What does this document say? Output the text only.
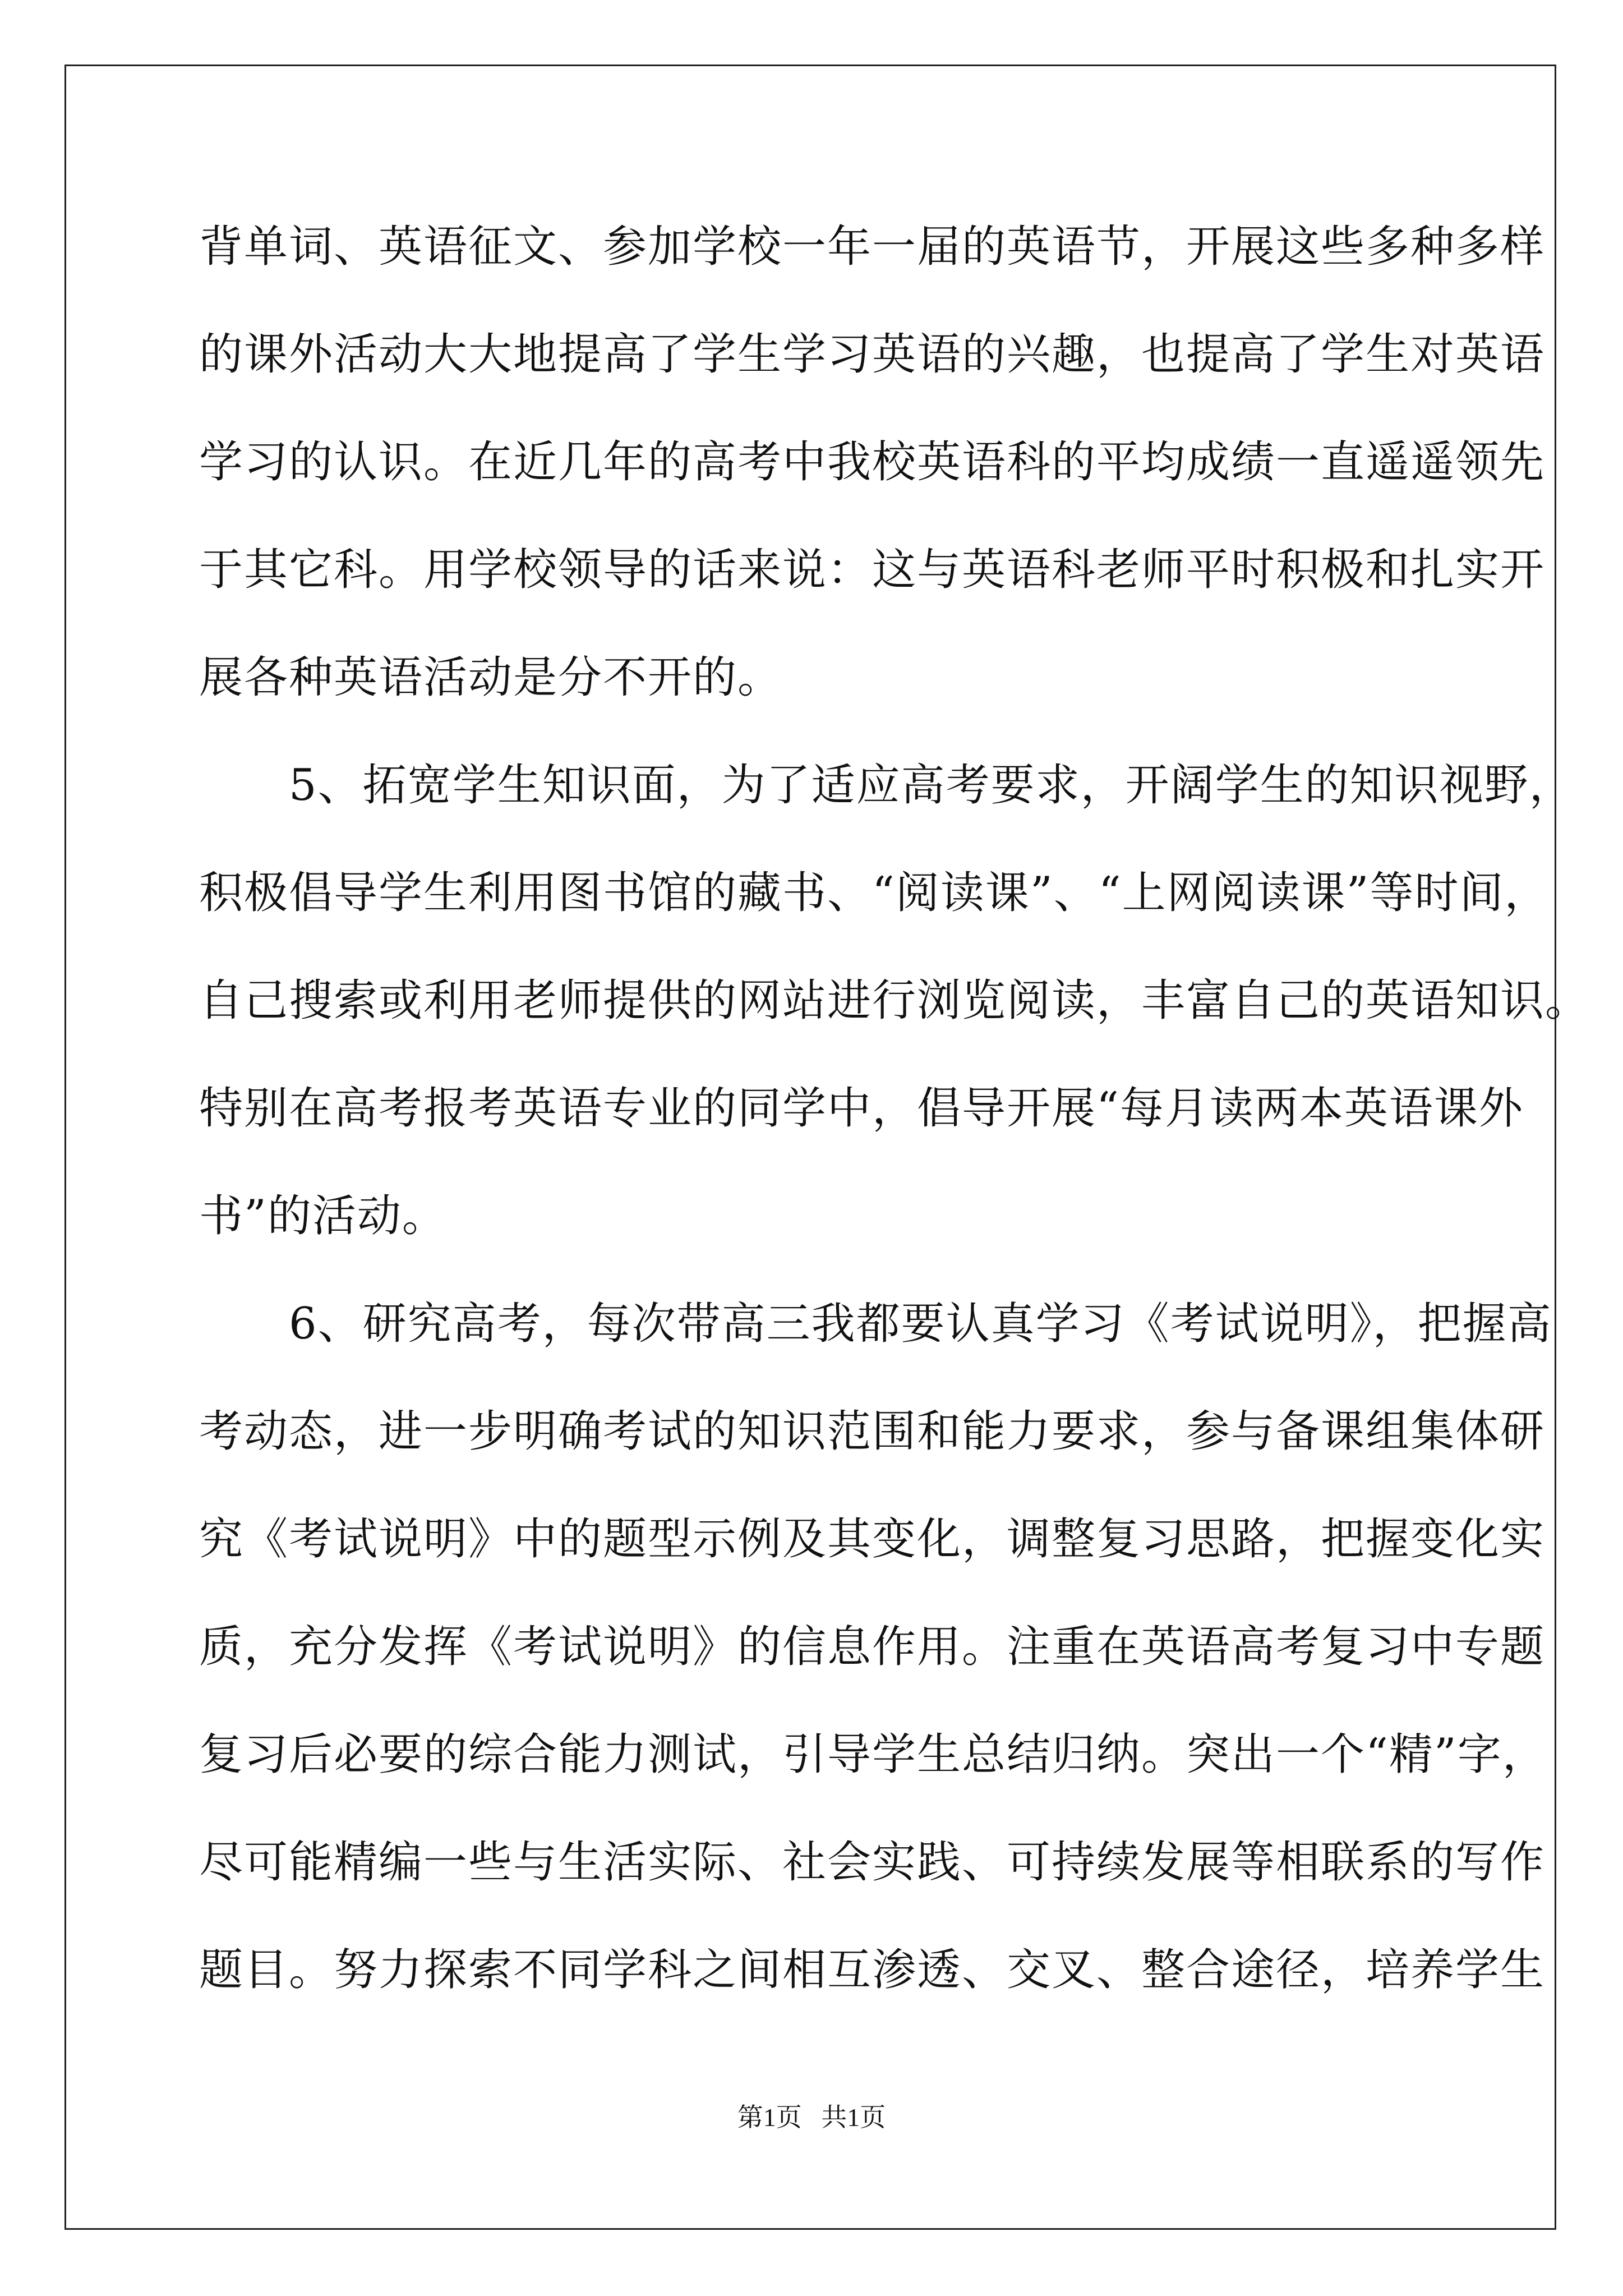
背单词、英语征文、参加学校一年一届的英语节，开展这些多种多样
的课外活动大大地提高了学生学习英语的兴趣，也提高了学生对英语
学习的认识。在近几年的高考中我校英语科的平均成绩一直遥遥领先
于其它科。用学校领导的话来说：这与英语科老师平时积极和扎实开
展各种英语活动是分不开的。
　　5、拓宽学生知识面，为了适应高考要求，开阔学生的知识视野，
积极倡导学生利用图书馆的藏书、“阅读课”、“上网阅读课”等时间，
自己搜索或利用老师提供的网站进行浏览阅读，丰富自己的英语知识。
特别在高考报考英语专业的同学中，倡导开展“每月读两本英语课外
书”的活动。
　　6、研究高考，每次带高三我都要认真学习《考试说明》，把握高
考动态，进一步明确考试的知识范围和能力要求，参与备课组集体研
究《考试说明》中的题型示例及其变化，调整复习思路，把握变化实
质，充分发挥《考试说明》的信息作用。注重在英语高考复习中专题
复习后必要的综合能力测试，引导学生总结归纳。突出一个“精”字，
尽可能精编一些与生活实际、社会实践、可持续发展等相联系的写作
题目。努力探索不同学科之间相互渗透、交叉、整合途径，培养学生
第1页   共1页
